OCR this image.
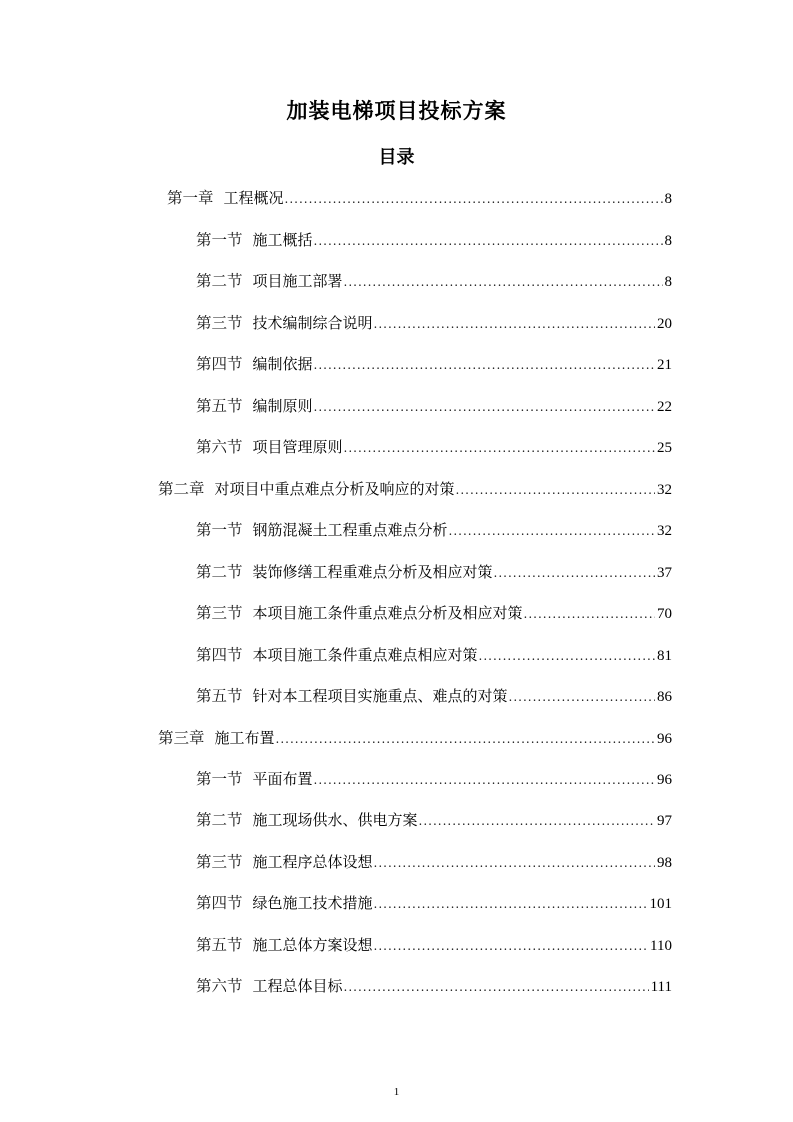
加装电梯项目投标方案
目录
第一章 工程概况 .....	8
第一节 施工概括 .....	8
第二节 项目施工部署 .....	8
第三节 技术编制综合说明 .....	20
第四节 编制依据 .....	21
第五节 编制原则 .....	22
第六节 项目管理原则 .....	25
第二章 对项目中重点难点分析及响应的对策 .....	32
第一节 钢筋混凝土工程重点难点分析 .....	32
第二节 装饰修缮工程重难点分析及相应对策 .....	37
第三节 本项目施工条件重点难点分析及相应对策 .....	70
第四节 本项目施工条件重点难点相应对策 .....	81
第五节 针对本工程项目实施重点、难点的对策 .....	86
第三章 施工布置 .....	96
第一节 平面布置 .....	96
第二节 施工现场供水、供电方案 .....	97
第三节 施工程序总体设想 .....	98
第四节 绿色施工技术措施 .....	101
第五节 施工总体方案设想 .....	110
第六节 工程总体目标 .....	111
1
